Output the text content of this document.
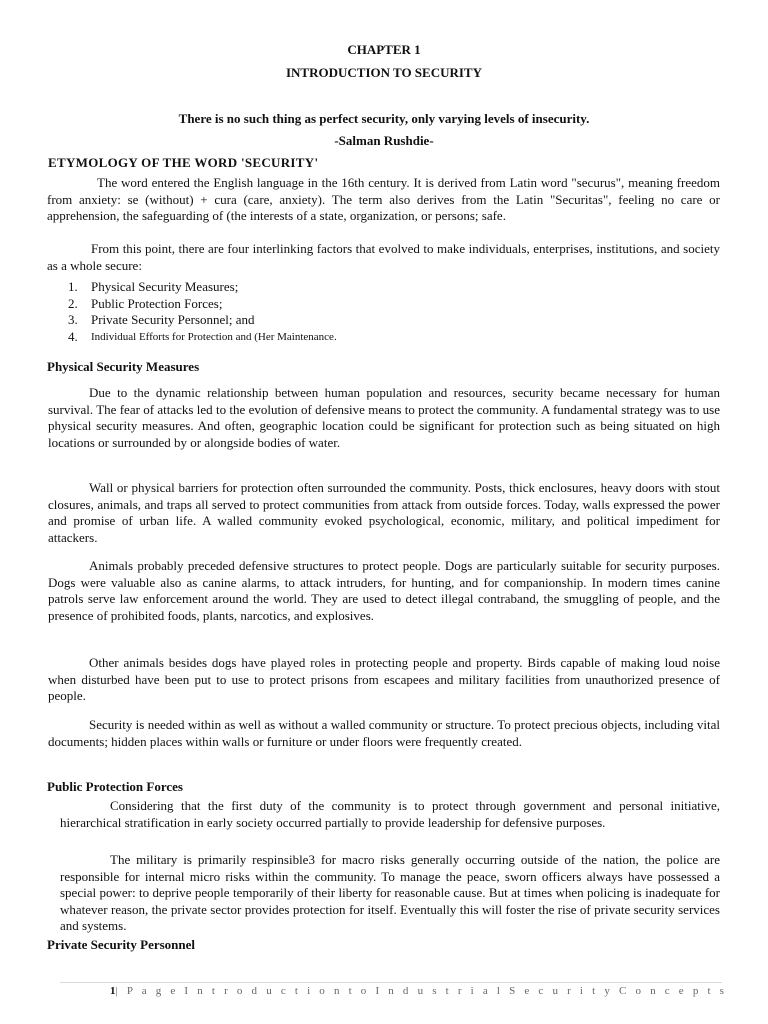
CHAPTER 1
INTRODUCTION TO SECURITY
There is no such thing as perfect security, only varying levels of insecurity.
-Salman Rushdie-
ETYMOLOGY OF THE WORD 'SECURITY'

The word entered the English language in the 16th century. It is derived from Latin word "securus", meaning freedom from anxiety: se (without) + cura (care, anxiety). The term also derives from the Latin "Securitas", feeling no care or apprehension, the safeguarding of (the interests of a state, organization, or persons; safe.

From this point, there are four interlinking factors that evolved to make individuals, enterprises, institutions, and society as a whole secure:

1.	Physical Security Measures;
2.	Public Protection Forces;
3.	Private Security Personnel; and
4.	Individual Efforts for Protection and (Her Maintenance.
Physical Security Measures

Due to the dynamic relationship between human population and resources, security became necessary for human survival. The fear of attacks led to the evolution of defensive means to protect the community. A fundamental strategy was to use physical security measures. And often, geographic location could be significant for protection such as being situated on high locations or surrounded by or alongside bodies of water.

Wall or physical barriers for protection often surrounded the community. Posts, thick enclosures, heavy doors with stout closures, animals, and traps all served to protect communities from attack from outside forces. Today, walls expressed the power and promise of urban life. A walled community evoked psychological, economic, military, and political impediment for attackers.

Animals probably preceded defensive structures to protect people. Dogs are particularly suitable for security purposes. Dogs were valuable also as canine alarms, to attack intruders, for hunting, and for companionship. In modern times canine patrols serve law enforcement around the world. They are used to detect illegal contraband, the smuggling of people, and the presence of prohibited foods, plants, narcotics, and explosives.

Other animals besides dogs have played roles in protecting people and property. Birds capable of making loud noise when disturbed have been put to use to protect prisons from escapees and military facilities from unauthorized presence of people.

Security is needed within as well as without a walled community or structure. To protect precious objects, including vital documents; hidden places within walls or furniture or under floors were frequently created.

Public Protection Forces

Considering that the first duty of the community is to protect through government and personal initiative, hierarchical stratification in early society occurred partially to provide leadership for defensive purposes.

The military is primarily respinsible3 for macro risks generally occurring outside of the nation, the police are responsible for internal micro risks within the community. To manage the peace, sworn officers always have possessed a special power: to deprive people temporarily of their liberty for reasonable cause. But at times when policing is inadequate for whatever reason, the private sector provides protection for itself. Eventually this will foster the rise of private security services and systems.

Private Security Personnel
1| P a g e I n t r o d u c t i o n t o I n d u s t r i a l S e c u r i t y C o n c e p t s
